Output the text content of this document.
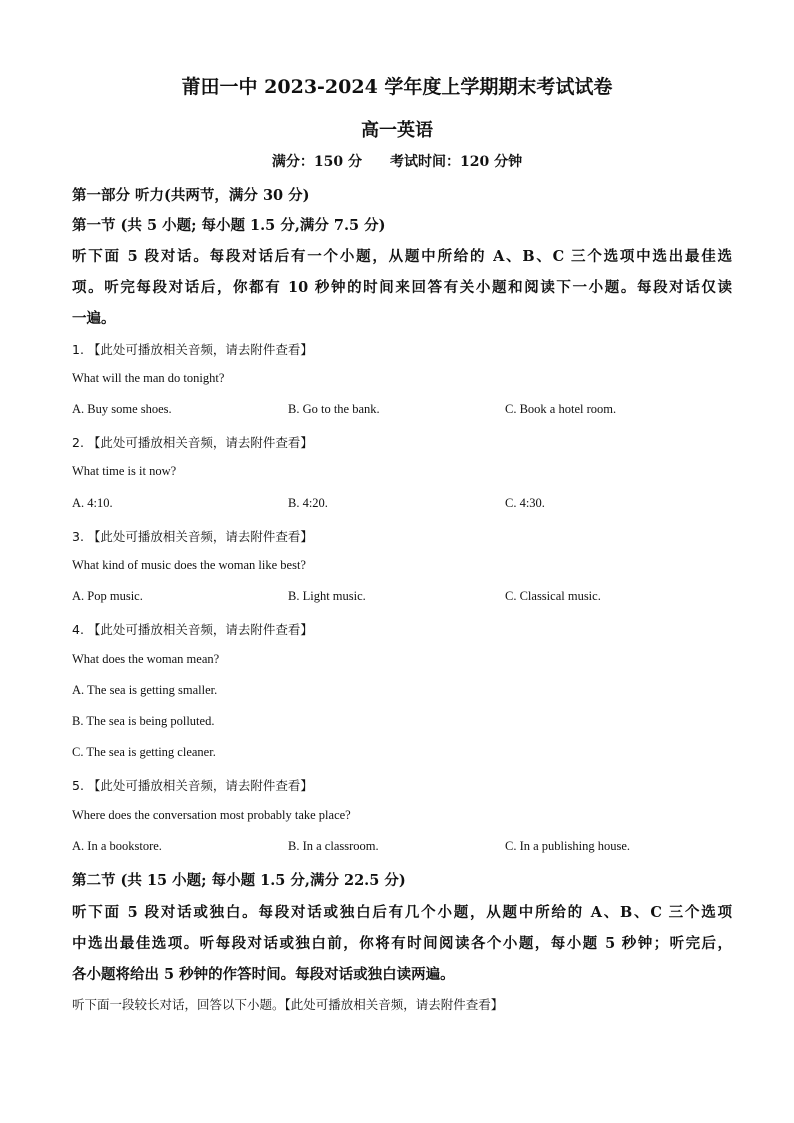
莆田一中 2023-2024 学年度上学期期末考试试卷
高一英语
满分：150 分 考试时间：120 分钟
第一部分 听力(共两节，满分 30 分)
第一节 (共 5 小题; 每小题 1.5 分,满分 7.5 分)
听下面 5 段对话。每段对话后有一个小题，从题中所给的 A、B、C 三个选项中选出最佳选
项。听完每段对话后，你都有 10 秒钟的时间来回答有关小题和阅读下一小题。每段对话仅读
一遍。
1. 【此处可播放相关音频，请去附件查看】
What will the man do tonight?
A. Buy some shoes.	B. Go to the bank.	C. Book a hotel room.
2. 【此处可播放相关音频，请去附件查看】
What time is it now?
A. 4:10.	B. 4:20.	C. 4:30.
3. 【此处可播放相关音频，请去附件查看】
What kind of music does the woman like best?
A. Pop music.	B. Light music.	C. Classical music.
4. 【此处可播放相关音频，请去附件查看】
What does the woman mean?
A. The sea is getting smaller.
B. The sea is being polluted.
C. The sea is getting cleaner.
5. 【此处可播放相关音频，请去附件查看】
Where does the conversation most probably take place?
A. In a bookstore.	B. In a classroom.	C. In a publishing house.
第二节 (共 15 小题; 每小题 1.5 分,满分 22.5 分)
听下面 5 段对话或独白。每段对话或独白后有几个小题，从题中所给的 A、B、C 三个选项
中选出最佳选项。听每段对话或独白前，你将有时间阅读各个小题，每小题 5 秒钟；听完后，
各小题将给出 5 秒钟的作答时间。每段对话或独白读两遍。
听下面一段较长对话，回答以下小题。【此处可播放相关音频，请去附件查看】
